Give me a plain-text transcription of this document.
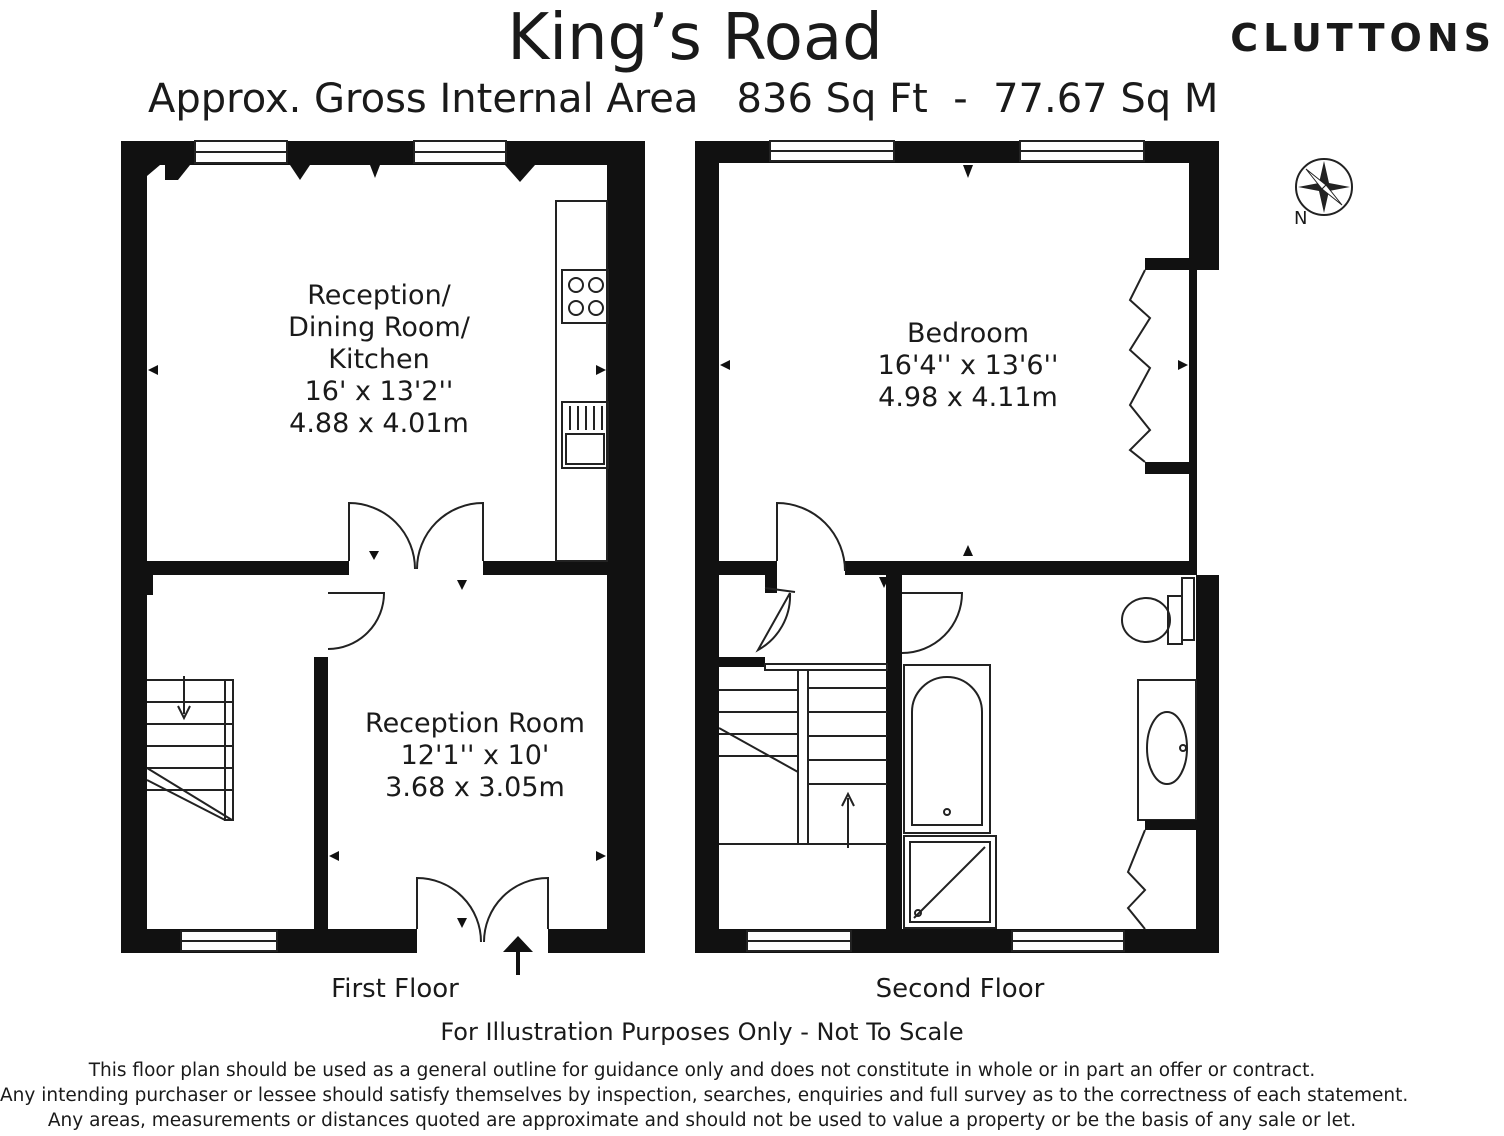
King’s Road
Approx. Gross Internal Area   836 Sq Ft  -  77.67 Sq M
CLUTTONS
N
Reception/
Dining Room/
Kitchen
16' x 13'2''
4.88 x 4.01m
Reception Room
12'1'' x 10'
3.68 x 3.05m
Bedroom
16'4'' x 13'6''
4.98 x 4.11m
First Floor	Second Floor
For Illustration Purposes Only - Not To Scale
This floor plan should be used as a general outline for guidance only and does not constitute in whole or in part an offer or contract.
Any intending purchaser or lessee should satisfy themselves by inspection, searches, enquiries and full survey as to the correctness of each statement.
Any areas, measurements or distances quoted are approximate and should not be used to value a property or be the basis of any sale or let.
